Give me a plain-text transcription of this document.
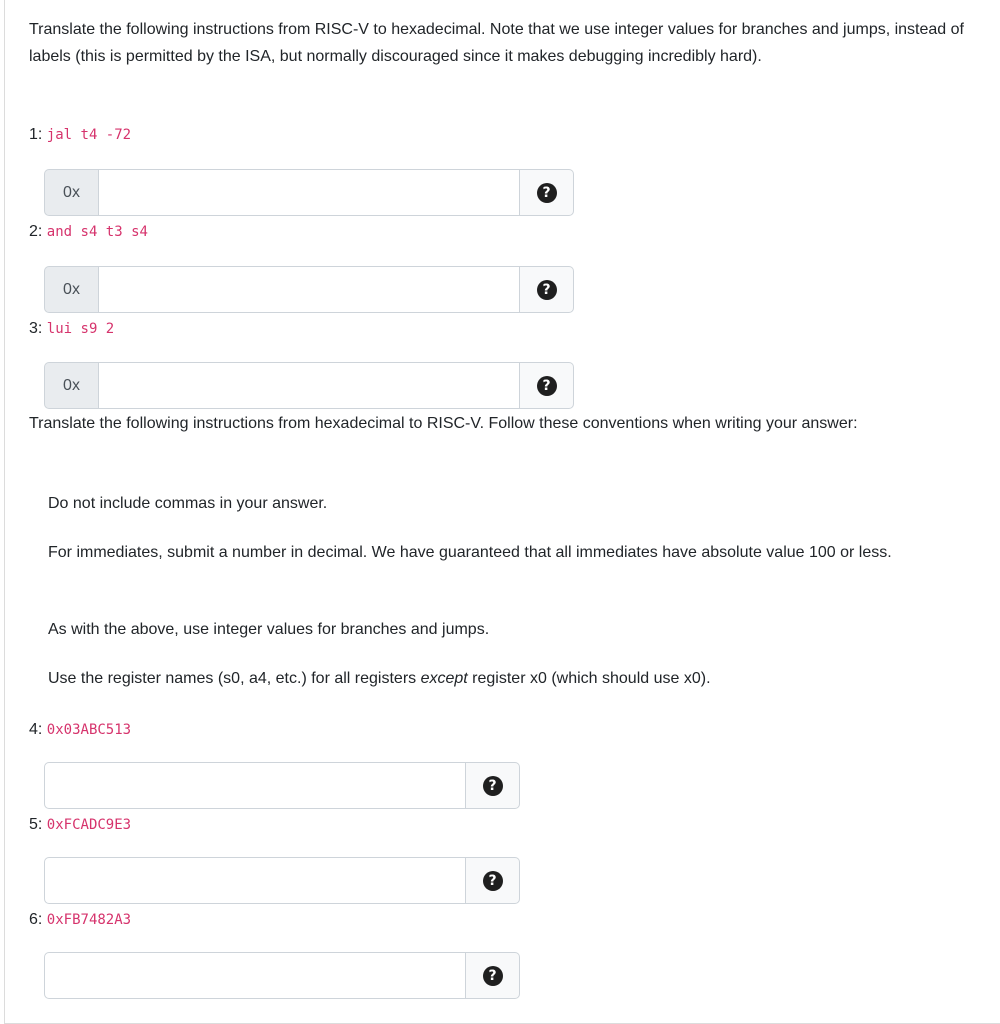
Translate the following instructions from RISC-V to hexadecimal. Note that we use integer values for branches and jumps, instead of labels (this is permitted by the ISA, but normally discouraged since it makes debugging incredibly hard).

1: jal t4 -72
0x	?
2: and s4 t3 s4
0x	?
3: lui s9 2
0x	?

Translate the following instructions from hexadecimal to RISC-V. Follow these conventions when writing your answer:

Do not include commas in your answer.

For immediates, submit a number in decimal. We have guaranteed that all immediates have absolute value 100 or less.

As with the above, use integer values for branches and jumps.

Use the register names (s0, a4, etc.) for all registers except register x0 (which should use x0).

4: 0x03ABC513
?
5: 0xFCADC9E3
?
6: 0xFB7482A3
?
